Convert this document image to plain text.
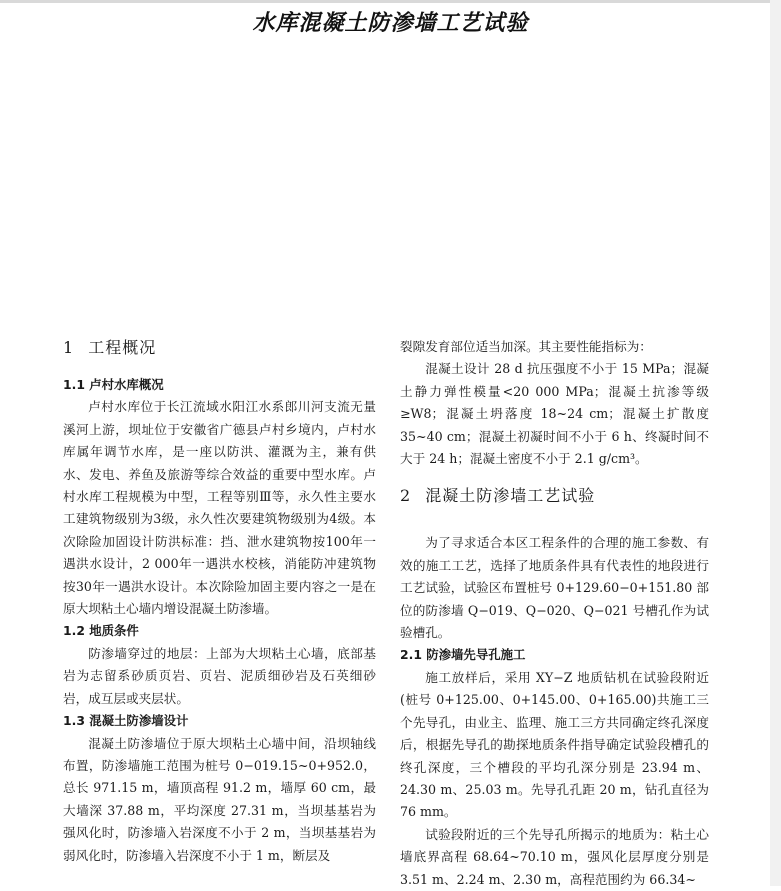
水库混凝土防渗墙工艺试验
1 工程概况
1.1 卢村水库概况

卢村水库位于长江流域水阳江水系郎川河支流无量溪河上游，坝址位于安徽省广德县卢村乡境内，卢村水库属年调节水库，是一座以防洪、灌溉为主，兼有供水、发电、养鱼及旅游等综合效益的重要中型水库。卢村水库工程规模为中型，工程等别Ⅲ等，永久性主要水工建筑物级别为3级，永久性次要建筑物级别为4级。本次除险加固设计防洪标准：挡、泄水建筑物按100年一遇洪水设计，2 000年一遇洪水校核，消能防冲建筑物按30年一遇洪水设计。本次除险加固主要内容之一是在原大坝粘土心墙内增设混凝土防渗墙。

1.2 地质条件

防渗墙穿过的地层：上部为大坝粘土心墙，底部基岩为志留系砂质页岩、页岩、泥质细砂岩及石英细砂岩，成互层或夹层状。

1.3 混凝土防渗墙设计

混凝土防渗墙位于原大坝粘土心墙中间，沿坝轴线布置，防渗墙施工范围为桩号 0−019.15~0+952.0，总长 971.15 m，墙顶高程 91.2 m，墙厚 60 cm，最大墙深 37.88 m，平均深度 27.31 m，当坝基基岩为强风化时，防渗墙入岩深度不小于 2 m，当坝基基岩为弱风化时，防渗墙入岩深度不小于 1 m，断层及

裂隙发育部位适当加深。其主要性能指标为：

混凝土设计 28 d 抗压强度不小于 15 MPa；混凝土静力弹性模量<20 000 MPa；混凝土抗渗等级≥W8；混凝土坍落度 18~24 cm；混凝土扩散度 35~40 cm；混凝土初凝时间不小于 6 h、终凝时间不大于 24 h；混凝土密度不小于 2.1 g/cm³。

2 混凝土防渗墙工艺试验

为了寻求适合本区工程条件的合理的施工参数、有效的施工工艺，选择了地质条件具有代表性的地段进行工艺试验，试验区布置桩号 0+129.60−0+151.80 部位的防渗墙 Q−019、Q−020、Q−021 号槽孔作为试验槽孔。

2.1 防渗墙先导孔施工

施工放样后，采用 XY−Z 地质钻机在试验段附近(桩号 0+125.00、0+145.00、0+165.00)共施工三个先导孔，由业主、监理、施工三方共同确定终孔深度后，根据先导孔的勘探地质条件指导确定试验段槽孔的终孔深度，三个槽段的平均孔深分别是 23.94 m、24.30 m、25.03 m。先导孔孔距 20 m，钻孔直径为 76 mm。

试验段附近的三个先导孔所揭示的地质为：粘土心墙底界高程 68.64~70.10 m，强风化层厚度分别是 3.51 m、2.24 m、2.30 m，高程范围约为 66.34~
